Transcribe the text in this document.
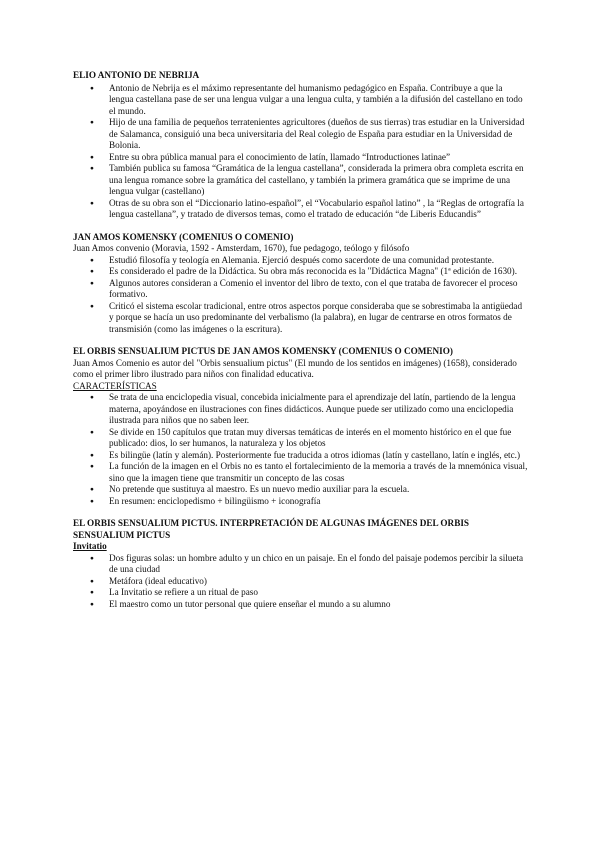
ELIO ANTONIO DE NEBRIJA

● Antonio de Nebrija es el máximo representante del humanismo pedagógico en España. Contribuye a que la lengua castellana pase de ser una lengua vulgar a una lengua culta, y también a la difusión del castellano en todo el mundo.
● Hijo de una familia de pequeños terratenientes agricultores (dueños de sus tierras) tras estudiar en la Universidad de Salamanca, consiguió una beca universitaria del Real colegio de España para estudiar en la Universidad de Bolonia.
● Entre su obra pública manual para el conocimiento de latín, llamado “Introductiones latinae”
● También publica su famosa “Gramática de la lengua castellana”, considerada la primera obra completa escrita en una lengua romance sobre la gramática del castellano, y también la primera gramática que se imprime de una lengua vulgar (castellano)
● Otras de su obra son el “Diccionario latino-español”, el “Vocabulario español latino” , la “Reglas de ortografía la lengua castellana”, y tratado de diversos temas, como el tratado de educación “de Liberis Educandis”

JAN AMOS KOMENSKY (COMENIUS O COMENIO)

Juan Amos convenio (Moravia, 1592 - Amsterdam, 1670), fue pedagogo, teólogo y filósofo

● Estudió filosofía y teología en Alemania. Ejerció después como sacerdote de una comunidad protestante.
● Es considerado el padre de la Didáctica. Su obra más reconocida es la "Didáctica Magna" (1ª edición de 1630).
● Algunos autores consideran a Comenio el inventor del libro de texto, con el que trataba de favorecer el proceso formativo.
● Criticó el sistema escolar tradicional, entre otros aspectos porque consideraba que se sobrestimaba la antigüedad y porque se hacía un uso predominante del verbalismo (la palabra), en lugar de centrarse en otros formatos de transmisión (como las imágenes o la escritura).

EL ORBIS SENSUALIUM PICTUS DE JAN AMOS KOMENSKY (COMENIUS O COMENIO)

Juan Amos Comenio es autor del "Orbis sensualium pictus" (El mundo de los sentidos en imágenes) (1658), considerado como el primer libro ilustrado para niños con finalidad educativa.

CARACTERÍSTICAS

● Se trata de una enciclopedia visual, concebida inicialmente para el aprendizaje del latín, partiendo de la lengua materna, apoyándose en ilustraciones con fines didácticos. Aunque puede ser utilizado como una enciclopedia ilustrada para niños que no saben leer.
● Se divide en 150 capítulos que tratan muy diversas temáticas de interés en el momento histórico en el que fue publicado: dios, lo ser humanos, la naturaleza y los objetos
● Es bilingüe (latín y alemán). Posteriormente fue traducida a otros idiomas (latín y castellano, latín e inglés, etc.)
● La función de la imagen en el Orbis no es tanto el fortalecimiento de la memoria a través de la mnemónica visual, sino que la imagen tiene que transmitir un concepto de las cosas
● No pretende que sustituya al maestro. Es un nuevo medio auxiliar para la escuela.
● En resumen: enciclopedismo + bilingüismo + iconografía

EL ORBIS SENSUALIUM PICTUS. INTERPRETACIÓN DE ALGUNAS IMÁGENES DEL ORBIS SENSUALIUM PICTUS

Invitatio

● Dos figuras solas: un hombre adulto y un chico en un paisaje. En el fondo del paisaje podemos percibir la silueta de una ciudad
● Metáfora (ideal educativo)
● La Invitatio se refiere a un ritual de paso
● El maestro como un tutor personal que quiere enseñar el mundo a su alumno
